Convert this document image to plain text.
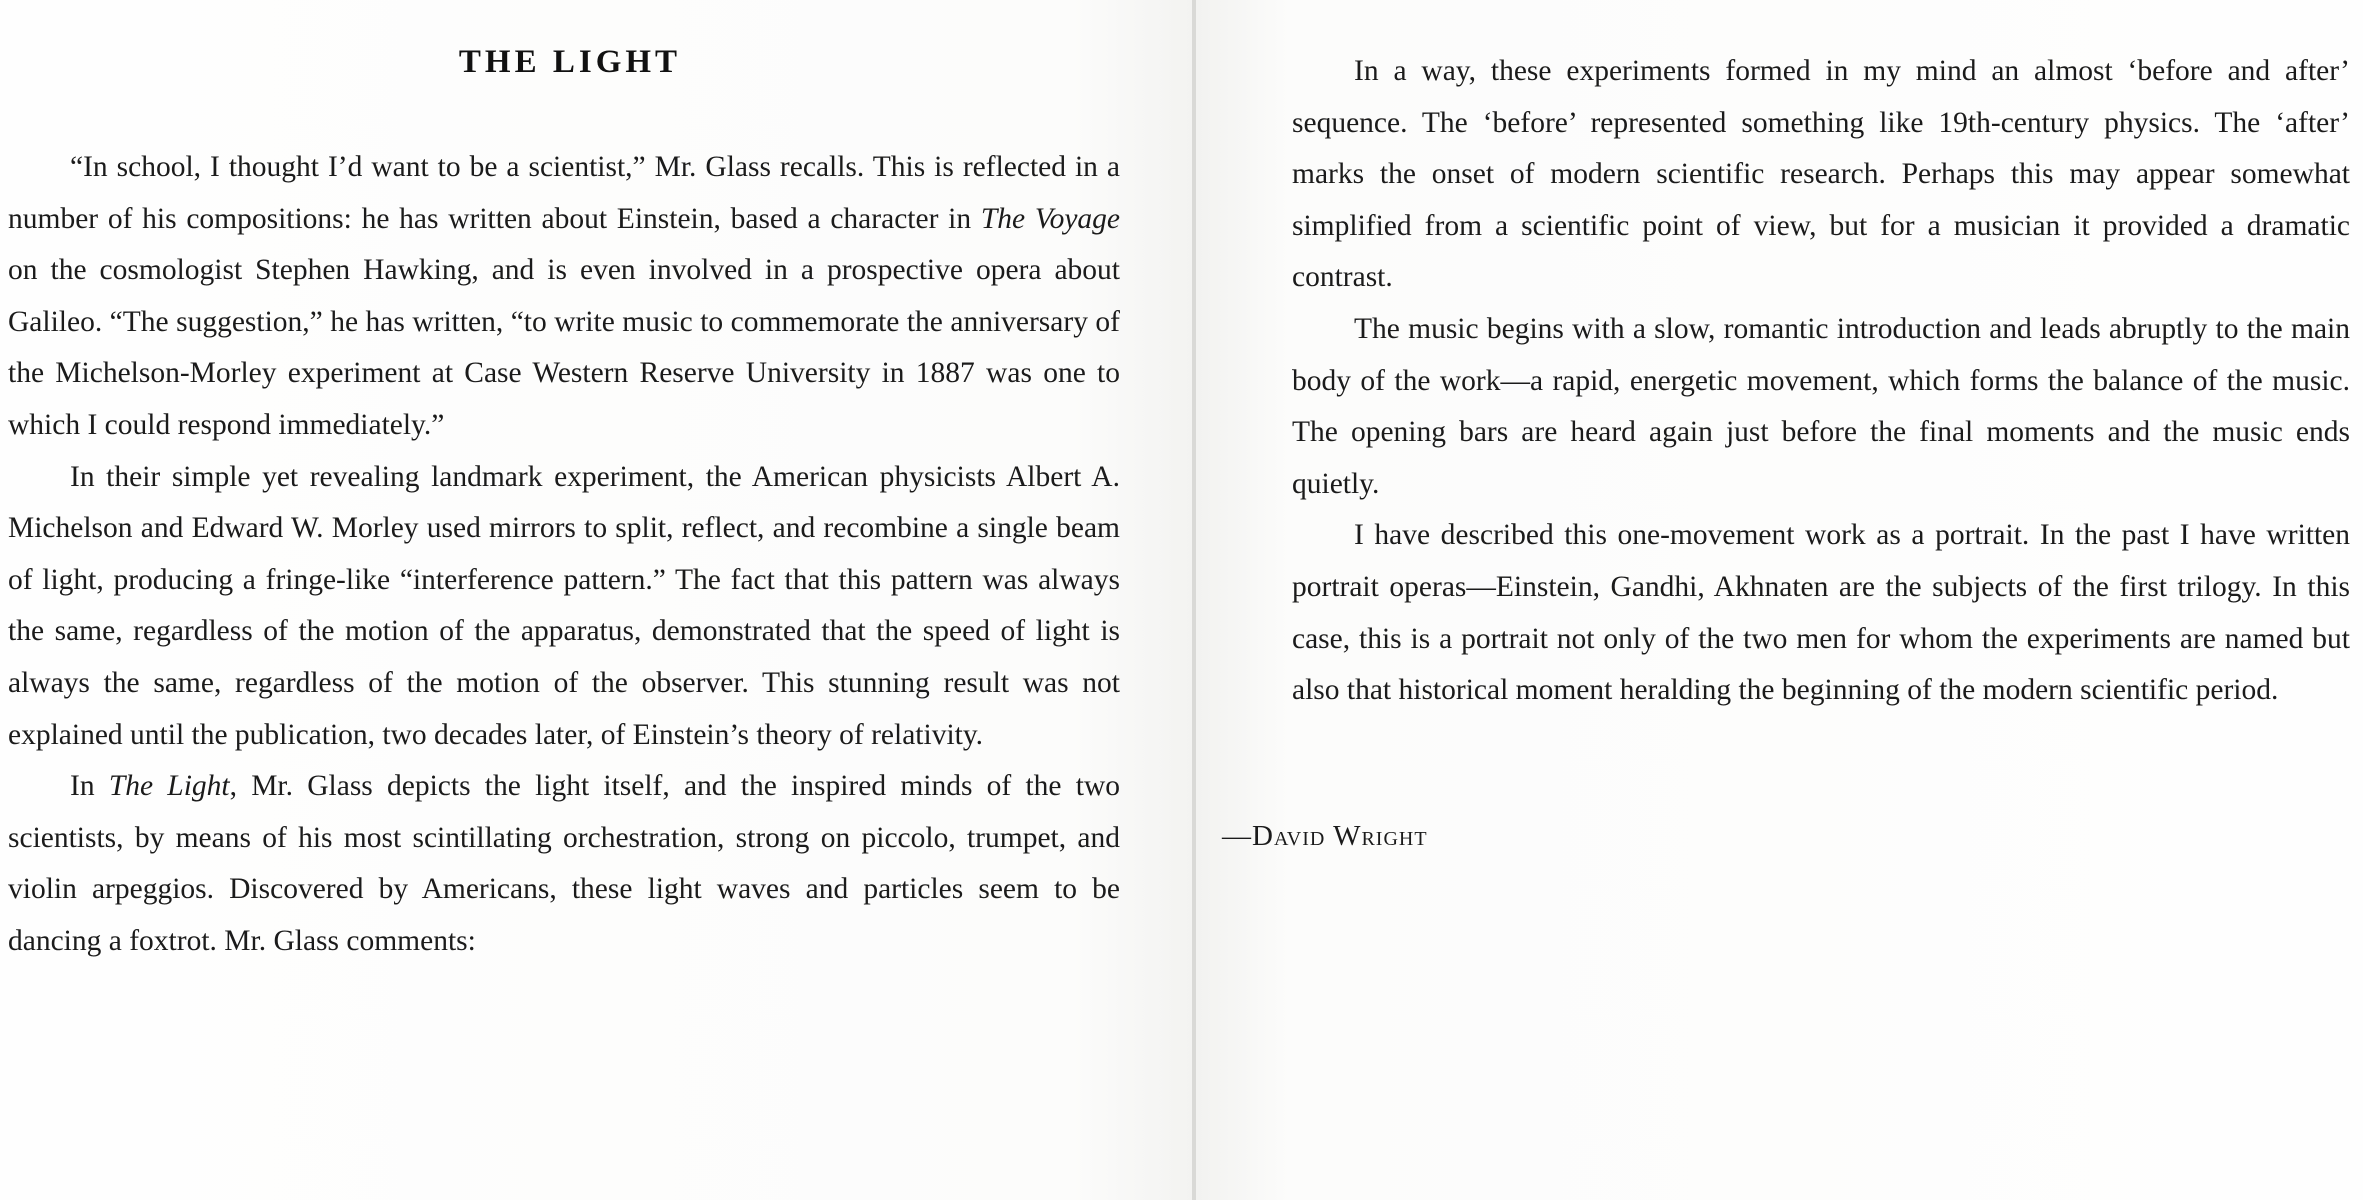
THE LIGHT

“In school, I thought I’d want to be a scientist,” Mr. Glass recalls. This is reflected in a number of his compositions: he has written about Einstein, based a character in The Voyage on the cosmologist Stephen Hawking, and is even involved in a prospective opera about Galileo. “The suggestion,” he has written, “to write music to commemorate the anniversary of the Michelson-Morley experiment at Case Western Reserve University in 1887 was one to which I could respond immediately.”

In their simple yet revealing landmark experiment, the American physicists Albert A. Michelson and Edward W. Morley used mirrors to split, reflect, and recombine a single beam of light, producing a fringe-like “interference pattern.” The fact that this pattern was always the same, regardless of the motion of the apparatus, demonstrated that the speed of light is always the same, regardless of the motion of the observer. This stunning result was not explained until the publication, two decades later, of Einstein’s theory of relativity.

In The Light, Mr. Glass depicts the light itself, and the inspired minds of the two scientists, by means of his most scintillating orchestration, strong on piccolo, trumpet, and violin arpeggios. Discovered by Americans, these light waves and particles seem to be dancing a foxtrot. Mr. Glass comments:

In a way, these experiments formed in my mind an almost ‘before and after’ sequence. The ‘before’ represented something like 19th-century physics. The ‘after’ marks the onset of modern scientific research. Perhaps this may appear somewhat simplified from a scientific point of view, but for a musician it provided a dramatic contrast.

The music begins with a slow, romantic introduction and leads abruptly to the main body of the work—a rapid, energetic movement, which forms the balance of the music. The opening bars are heard again just before the final moments and the music ends quietly.

I have described this one-movement work as a portrait. In the past I have written portrait operas—Einstein, Gandhi, Akhnaten are the subjects of the first trilogy. In this case, this is a portrait not only of the two men for whom the experiments are named but also that historical moment heralding the beginning of the modern scientific period.

—David Wright
